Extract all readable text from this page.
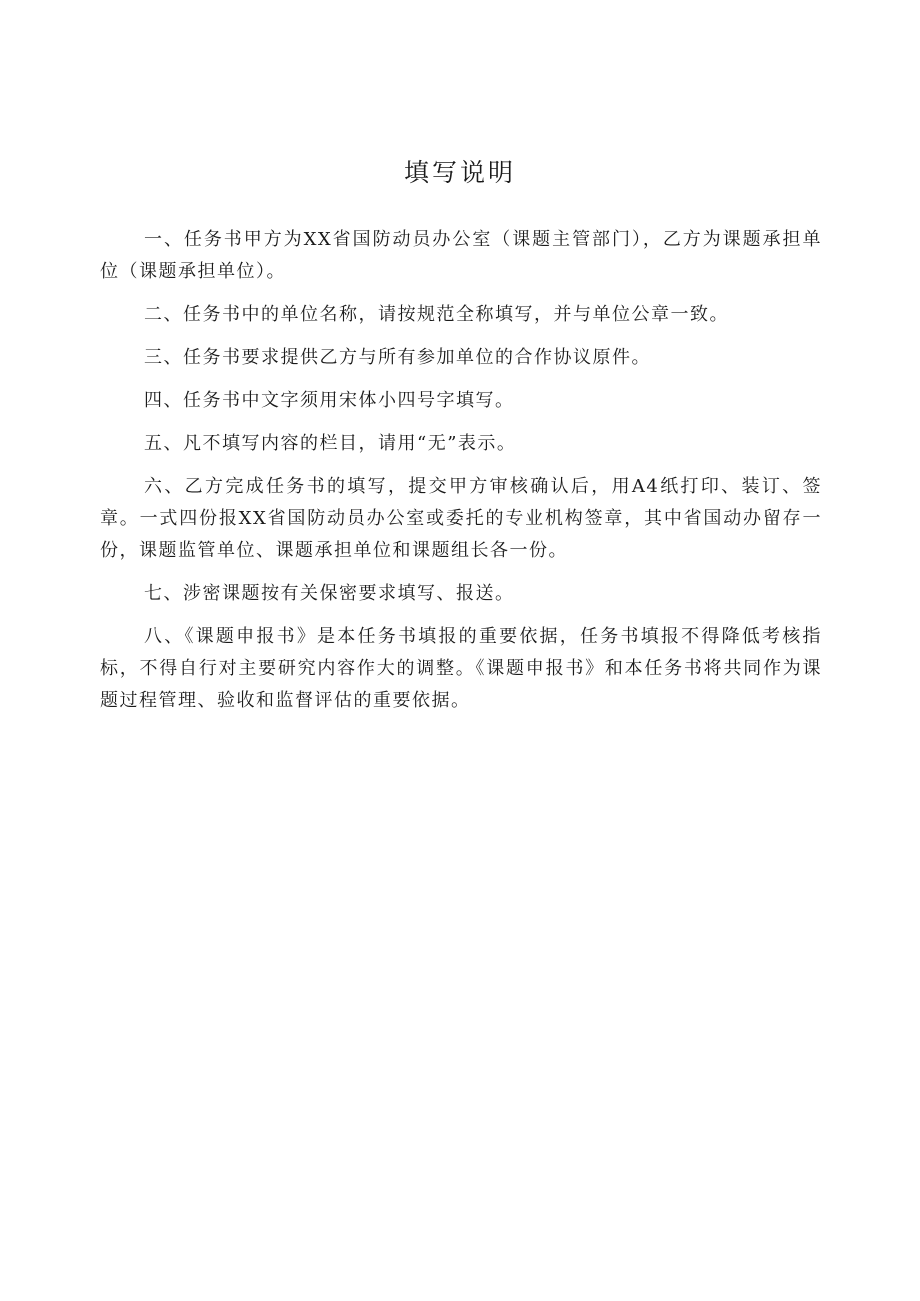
填写说明

一、任务书甲方为XX省国防动员办公室（课题主管部门），乙方为课题承担单位（课题承担单位）。

二、任务书中的单位名称，请按规范全称填写，并与单位公章一致。

三、任务书要求提供乙方与所有参加单位的合作协议原件。

四、任务书中文字须用宋体小四号字填写。

五、凡不填写内容的栏目，请用“无”表示。

六、乙方完成任务书的填写，提交甲方审核确认后，用A4纸打印、装订、签章。一式四份报XX省国防动员办公室或委托的专业机构签章，其中省国动办留存一份，课题监管单位、课题承担单位和课题组长各一份。

七、涉密课题按有关保密要求填写、报送。

八、《课题申报书》是本任务书填报的重要依据，任务书填报不得降低考核指标，不得自行对主要研究内容作大的调整。《课题申报书》和本任务书将共同作为课题过程管理、验收和监督评估的重要依据。
